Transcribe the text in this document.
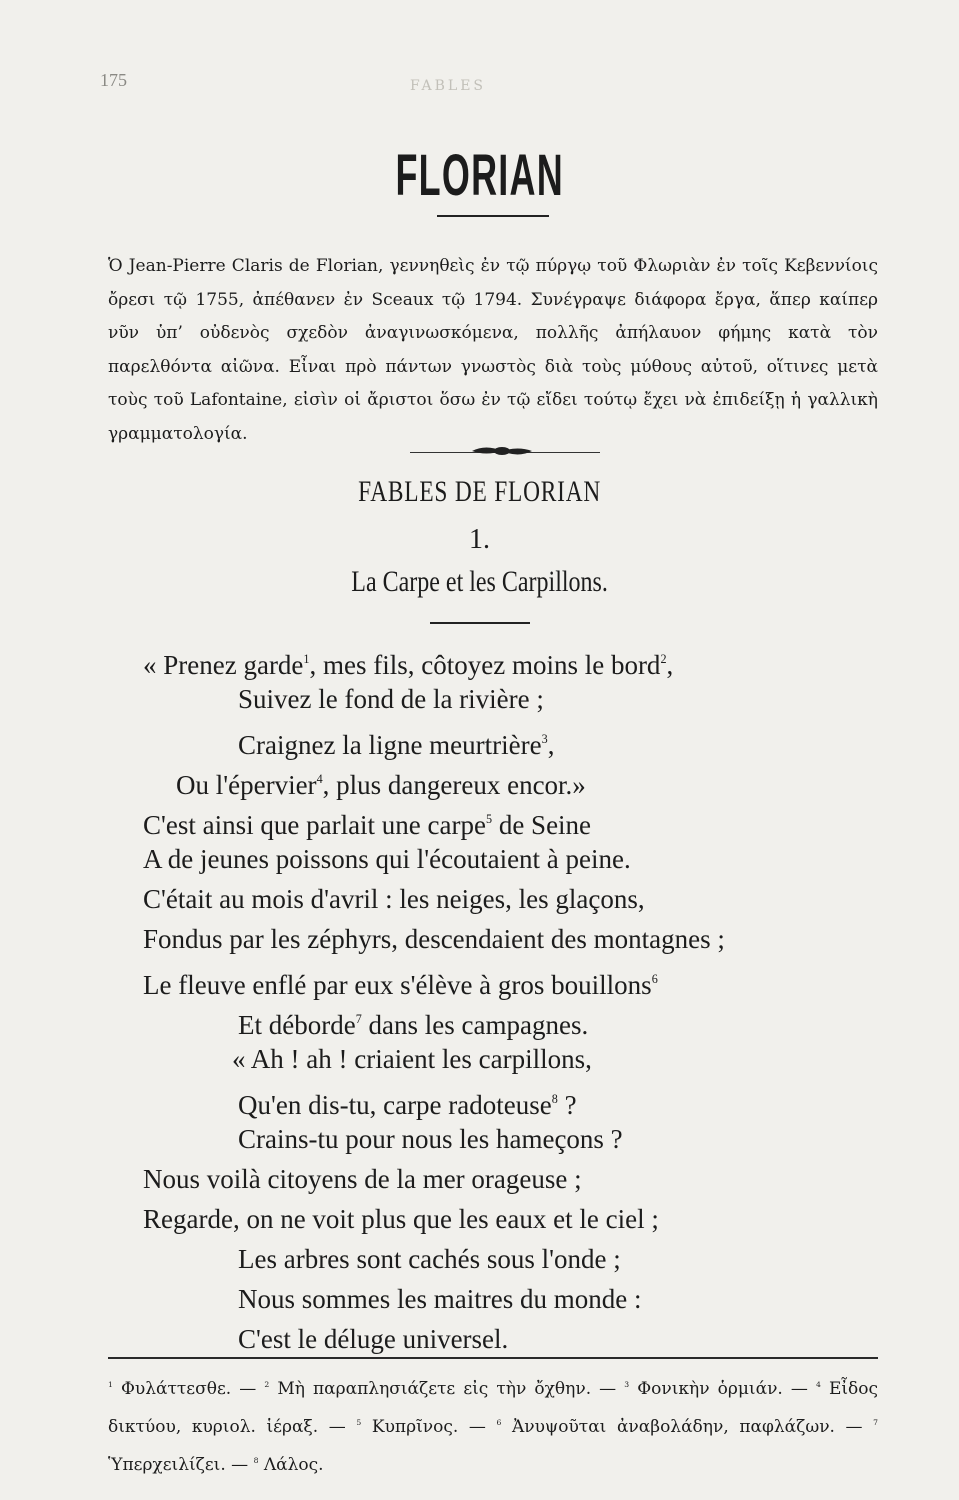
175	FABLES
FLORIAN
Ὁ Jean-Pierre Claris de Florian, γεννηθεὶς ἐν τῷ πύργῳ τοῦ Φλωριὰν ἐν τοῖς Κεβεννίοις ὄρεσι τῷ 1755, ἀπέθανεν ἐν Sceaux τῷ 1794. Συνέγραψε διάφορα ἔργα, ἅπερ καίπερ νῦν ὑπ’ οὐδενὸς σχεδὸν ἀναγινωσκόμενα, πολλῆς ἀπήλαυον φήμης κατὰ τὸν παρελθόντα αἰῶνα. Εἶναι πρὸ πάντων γνωστὸς διὰ τοὺς μύθους αὐτοῦ, οἵτινες μετὰ τοὺς τοῦ Lafontaine, εἰσὶν οἱ ἄριστοι ὅσω ἐν τῷ εἴδει τούτῳ ἔχει νὰ ἐπιδείξῃ ἡ γαλλικὴ γραμματολογία.
FABLES DE FLORIAN
1.
La Carpe et les Carpillons.
« Prenez garde$^1$, mes fils, côtoyez moins le bord$^2$,
Suivez le fond de la rivière ;
Craignez la ligne meurtrière$^3$,
Ou l'épervier$^4$, plus dangereux encor.»
C'est ainsi que parlait une carpe$^5$ de Seine
A de jeunes poissons qui l'écoutaient à peine.
C'était au mois d'avril : les neiges, les glaçons,
Fondus par les zéphyrs, descendaient des montagnes ;
Le fleuve enflé par eux s'élève à gros bouillons$^6$
Et déborde$^7$ dans les campagnes.
« Ah ! ah ! criaient les carpillons,
Qu'en dis-tu, carpe radoteuse$^8$ ?
Crains-tu pour nous les hameçons ?
Nous voilà citoyens de la mer orageuse ;
Regarde, on ne voit plus que les eaux et le ciel ;
Les arbres sont cachés sous l'onde ;
Nous sommes les maitres du monde :
C'est le déluge universel.
$^1$ Φυλάττεσθε. — $^2$ Μὴ παραπλησιάζετε εἰς τὴν ὄχθην. — $^3$ Φονικὴν ὁρμιάν. — $^4$ Εἶδος δικτύου, κυριολ. ἱέραξ. — $^5$ Κυπρῖνος. — $^6$ Ἀνυψοῦται ἀναβολάδην, παφλάζων. — $^7$ Ὑπερχειλίζει. — $^8$ Λάλος.
